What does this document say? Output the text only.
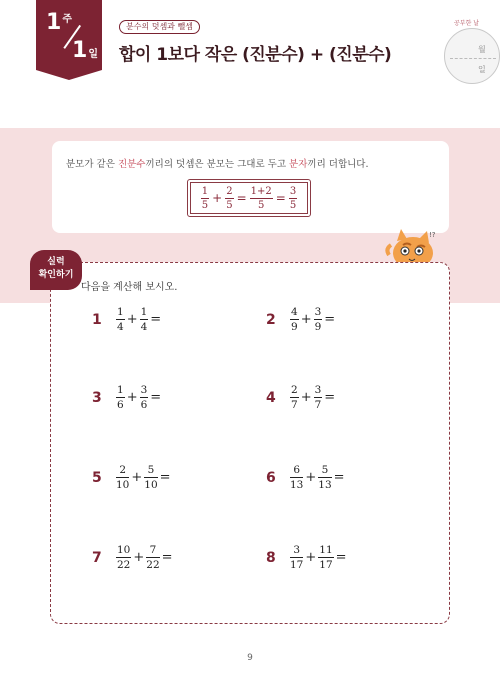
$1^주$
1일
분수의 덧셈과 뺄셈
합이 1보다 작은 (진분수) + (진분수)
공부한 날
월
일
분모가 같은 진분수끼리의 덧셈은 분모는 그대로 두고 분자끼리 더합니다.
$\frac{1}{5} + \frac{2}{5} = \frac{1+2}{5} = \frac{3}{5}$
!?
실력
확인하기
다음을 계산해 보시오.
1	$\frac{1}{4} + \frac{1}{4}$ =	2	$\frac{4}{9} + \frac{3}{9}$ =
3	$\frac{1}{6} + \frac{3}{6}$ =	4	$\frac{2}{7} + \frac{3}{7}$ =
5	$\frac{2}{10} + \frac{5}{10}$ =	6	$\frac{6}{13} + \frac{5}{13}$ =
7	$\frac{10}{22} + \frac{7}{22}$ =	8	$\frac{3}{17} + \frac{11}{17}$ =
9
